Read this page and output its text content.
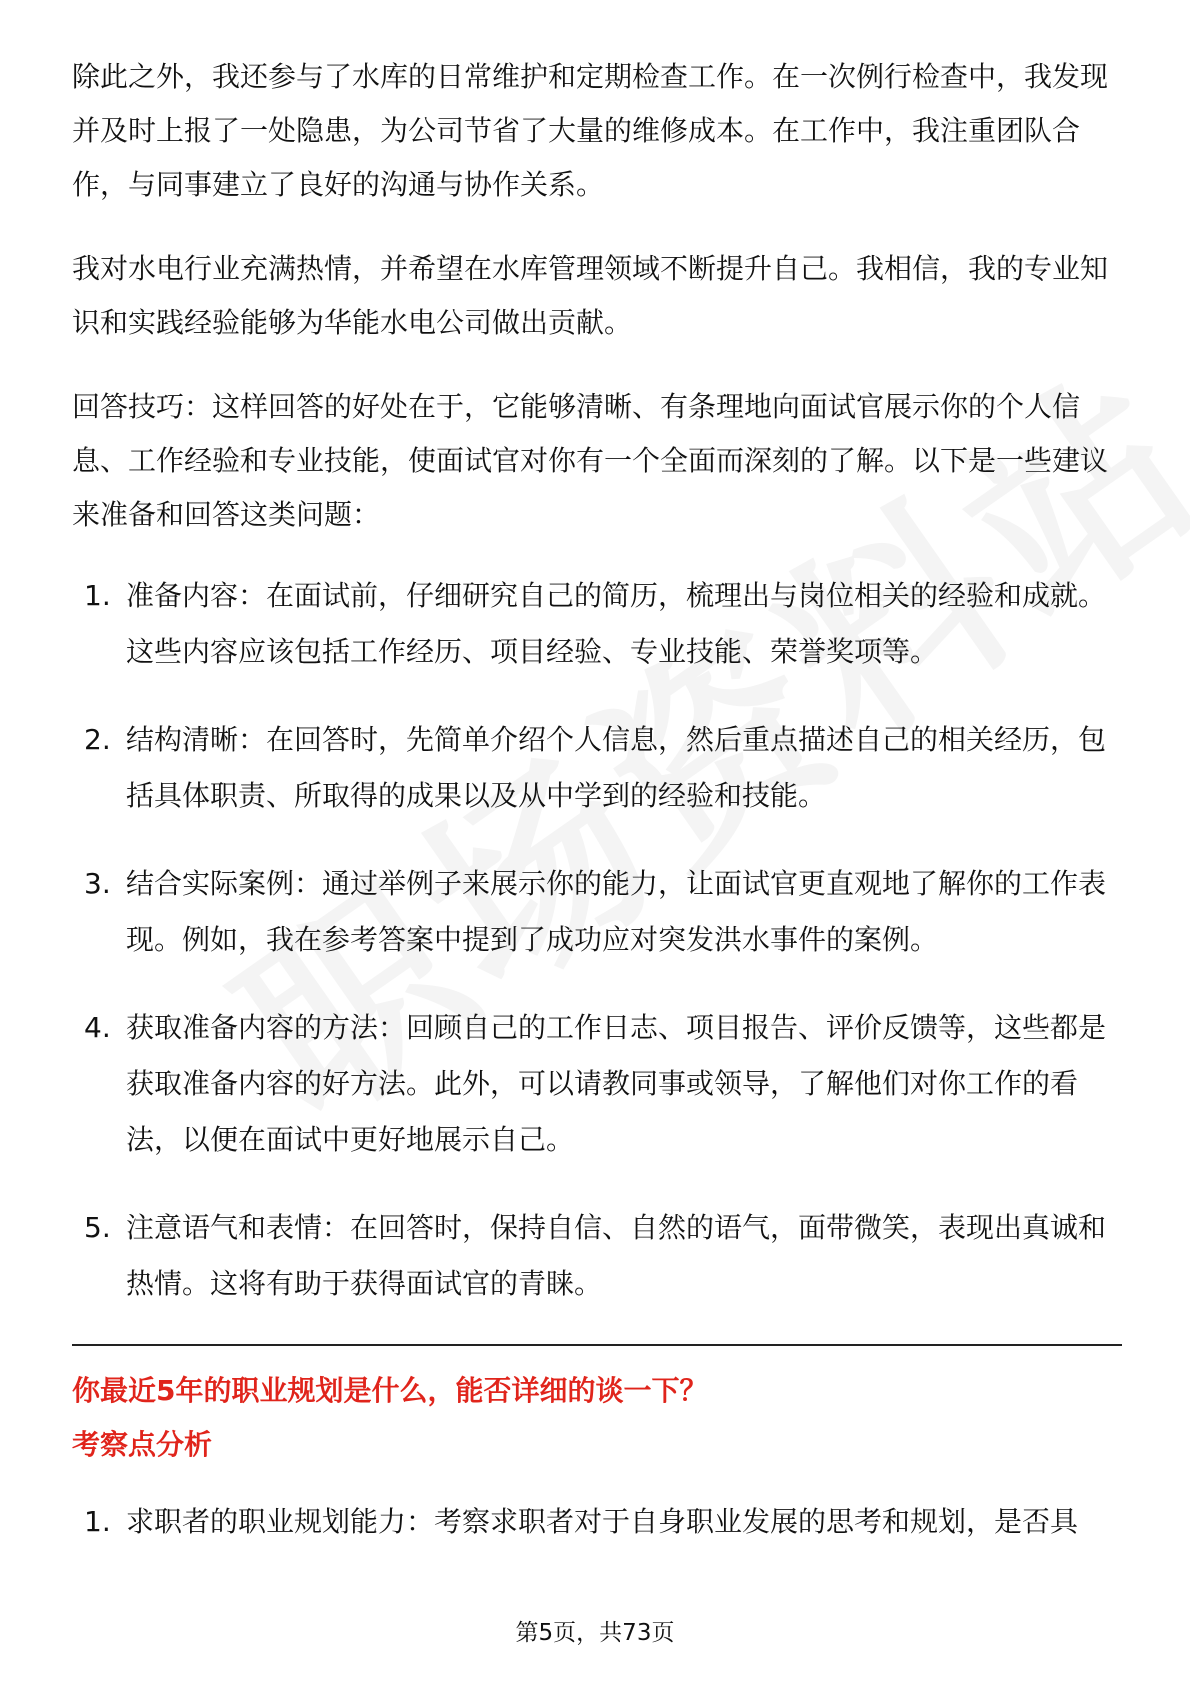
除此之外，我还参与了水库的日常维护和定期检查工作。在一次例行检查中，我发现并及时上报了一处隐患，为公司节省了大量的维修成本。在工作中，我注重团队合作，与同事建立了良好的沟通与协作关系。

我对水电行业充满热情，并希望在水库管理领域不断提升自己。我相信，我的专业知识和实践经验能够为华能水电公司做出贡献。

回答技巧：这样回答的好处在于，它能够清晰、有条理地向面试官展示你的个人信息、工作经验和专业技能，使面试官对你有一个全面而深刻的了解。以下是一些建议来准备和回答这类问题：

1. 准备内容：在面试前，仔细研究自己的简历，梳理出与岗位相关的经验和成就。这些内容应该包括工作经历、项目经验、专业技能、荣誉奖项等。
2. 结构清晰：在回答时，先简单介绍个人信息，然后重点描述自己的相关经历，包括具体职责、所取得的成果以及从中学到的经验和技能。
3. 结合实际案例：通过举例子来展示你的能力，让面试官更直观地了解你的工作表现。例如，我在参考答案中提到了成功应对突发洪水事件的案例。
4. 获取准备内容的方法：回顾自己的工作日志、项目报告、评价反馈等，这些都是获取准备内容的好方法。此外，可以请教同事或领导，了解他们对你工作的看法，以便在面试中更好地展示自己。
5. 注意语气和表情：在回答时，保持自信、自然的语气，面带微笑，表现出真诚和热情。这将有助于获得面试官的青睐。

你最近5年的职业规划是什么，能否详细的谈一下？

考察点分析

1. 求职者的职业规划能力：考察求职者对于自身职业发展的思考和规划，是否具
第5页，共73页
